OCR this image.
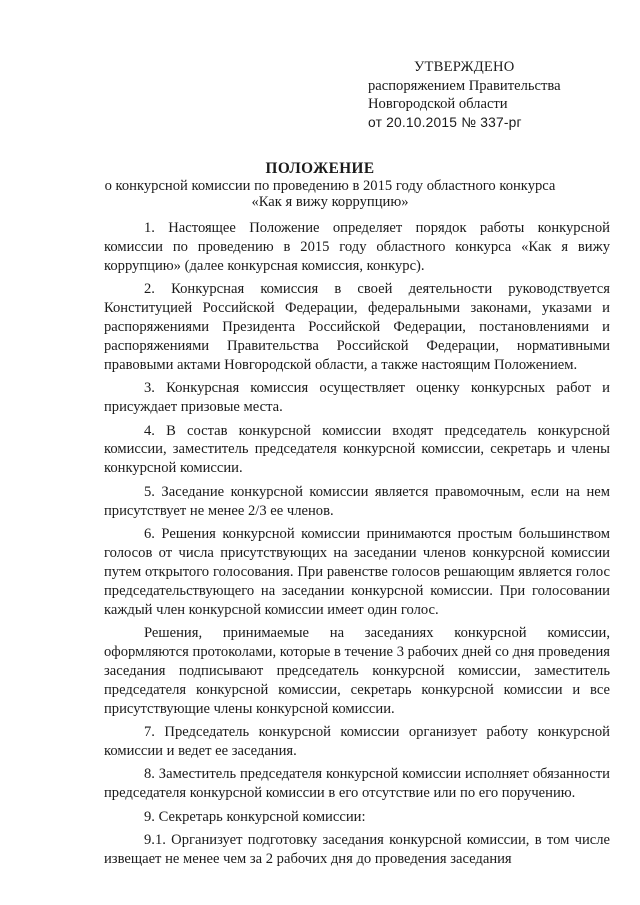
УТВЕРЖДЕНО
распоряжением Правительства
Новгородской области
от 20.10.2015 № 337-рг
ПОЛОЖЕНИЕ
о конкурсной комиссии по проведению в 2015 году областного конкурса
«Как я вижу коррупцию»

1. Настоящее Положение определяет порядок работы конкурсной комиссии по проведению в 2015 году областного конкурса «Как я вижу коррупцию» (далее конкурсная комиссия, конкурс).

2. Конкурсная комиссия в своей деятельности руководствуется Конституцией Российской Федерации, федеральными законами, указами и распоряжениями Президента Российской Федерации, постановлениями и распоряжениями Правительства Российской Федерации, нормативными правовыми актами Новгородской области, а также настоящим Положением.

3. Конкурсная комиссия осуществляет оценку конкурсных работ и присуждает призовые места.

4. В состав конкурсной комиссии входят председатель конкурсной комиссии, заместитель председателя конкурсной комиссии, секретарь и члены конкурсной комиссии.

5. Заседание конкурсной комиссии является правомочным, если на нем присутствует не менее 2/3 ее членов.

6. Решения конкурсной комиссии принимаются простым большинством голосов от числа присутствующих на заседании членов конкурсной комиссии путем открытого голосования. При равенстве голосов решающим является голос председательствующего на заседании конкурсной комиссии. При голосовании каждый член конкурсной комиссии имеет один голос.

Решения, принимаемые на заседаниях конкурсной комиссии, оформляются протоколами, которые в течение 3 рабочих дней со дня проведения заседания подписывают председатель конкурсной комиссии, заместитель председателя конкурсной комиссии, секретарь конкурсной комиссии и все присутствующие члены конкурсной комиссии.

7. Председатель конкурсной комиссии организует работу конкурсной комиссии и ведет ее заседания.

8. Заместитель председателя конкурсной комиссии исполняет обязанности председателя конкурсной комиссии в его отсутствие или по его поручению.

9. Секретарь конкурсной комиссии:

9.1. Организует подготовку заседания конкурсной комиссии, в том числе извещает не менее чем за 2 рабочих дня до проведения заседания
